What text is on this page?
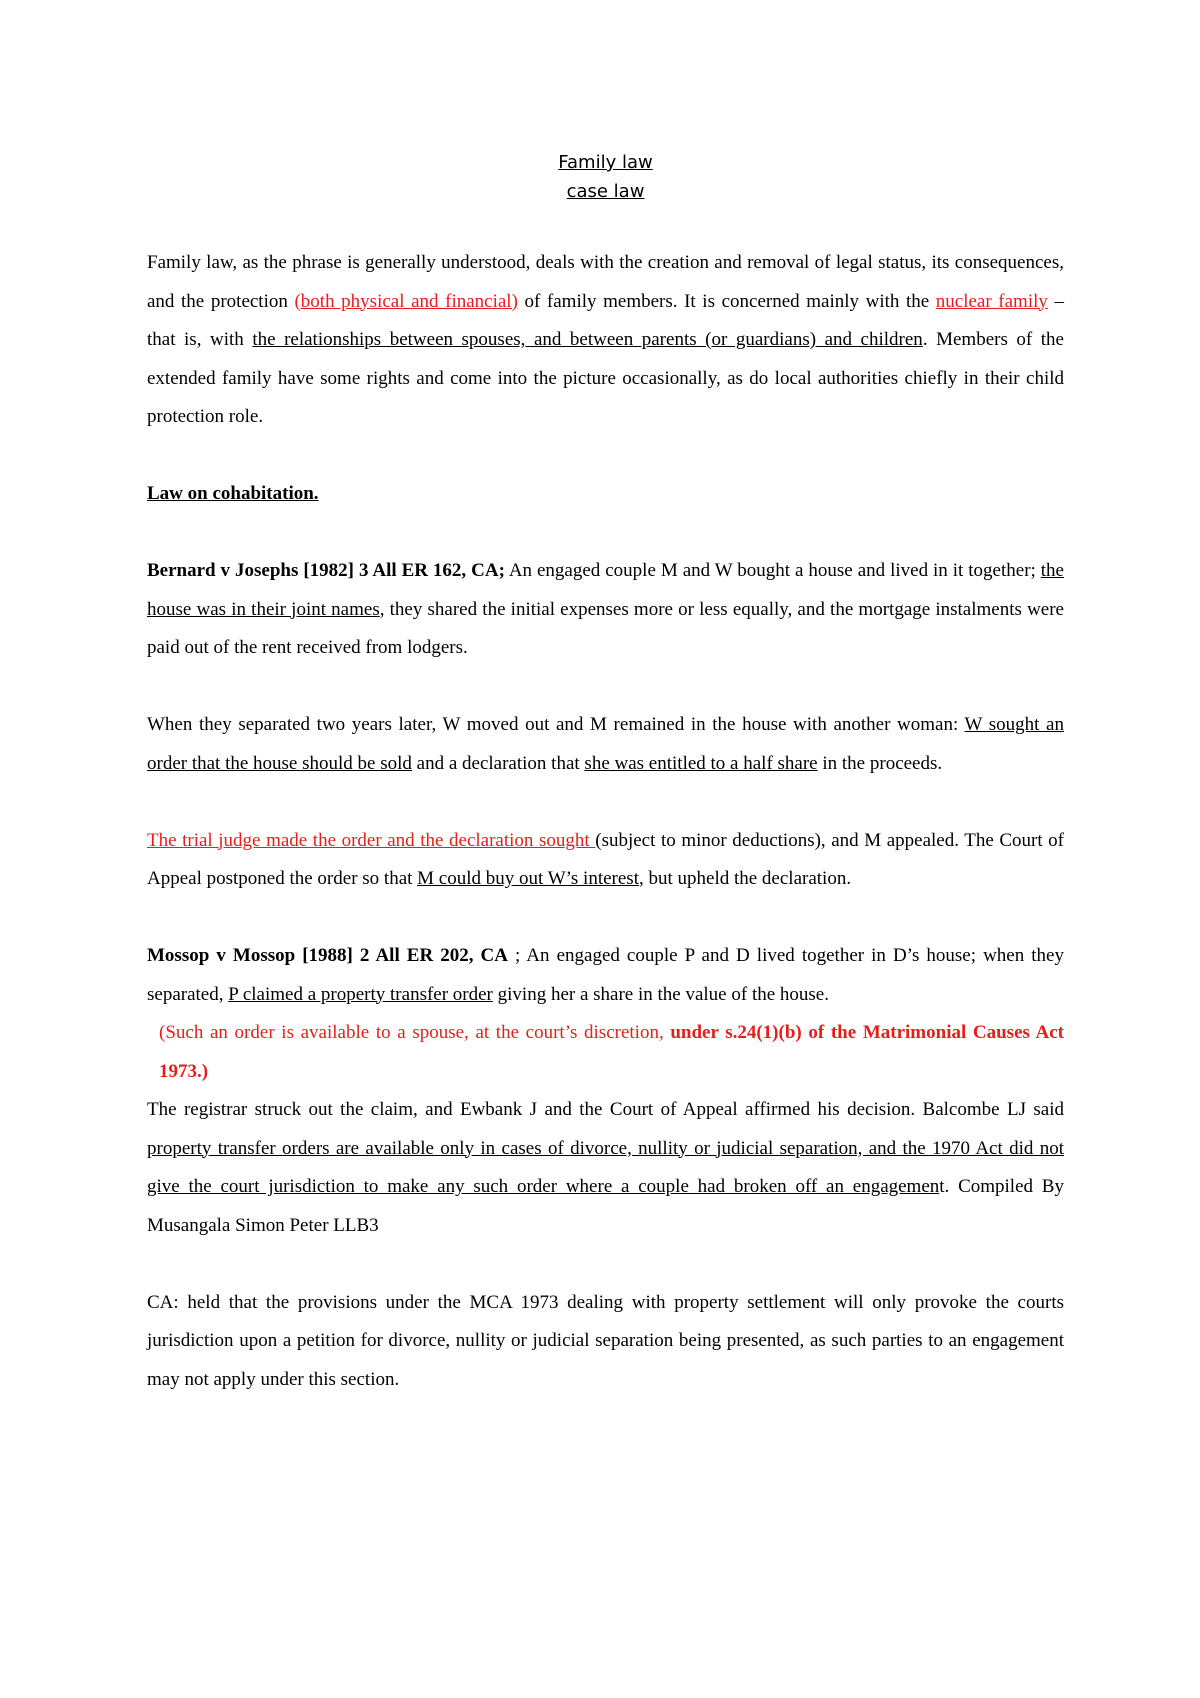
Family law
case law

Family law, as the phrase is generally understood, deals with the creation and removal of legal status, its consequences, and the protection (both physical and financial) of family members. It is concerned mainly with the nuclear family – that is, with the relationships between spouses, and between parents (or guardians) and children. Members of the extended family have some rights and come into the picture occasionally, as do local authorities chiefly in their child protection role.

Law on cohabitation.

Bernard v Josephs [1982] 3 All ER 162, CA; An engaged couple M and W bought a house and lived in it together; the house was in their joint names, they shared the initial expenses more or less equally, and the mortgage instalments were paid out of the rent received from lodgers.

When they separated two years later, W moved out and M remained in the house with another woman: W sought an order that the house should be sold and a declaration that she was entitled to a half share in the proceeds.

The trial judge made the order and the declaration sought (subject to minor deductions), and M appealed. The Court of Appeal postponed the order so that M could buy out W’s interest, but upheld the declaration.

Mossop v Mossop [1988] 2 All ER 202, CA ; An engaged couple P and D lived together in D’s house; when they separated, P claimed a property transfer order giving her a share in the value of the house.

(Such an order is available to a spouse, at the court’s discretion, under s.24(1)(b) of the Matrimonial Causes Act 1973.)

The registrar struck out the claim, and Ewbank J and the Court of Appeal affirmed his decision. Balcombe LJ said property transfer orders are available only in cases of divorce, nullity or judicial separation, and the 1970 Act did not give the court jurisdiction to make any such order where a couple had broken off an engagement. Compiled By Musangala Simon Peter LLB3

CA: held that the provisions under the MCA 1973 dealing with property settlement will only provoke the courts jurisdiction upon a petition for divorce, nullity or judicial separation being presented, as such parties to an engagement may not apply under this section.
